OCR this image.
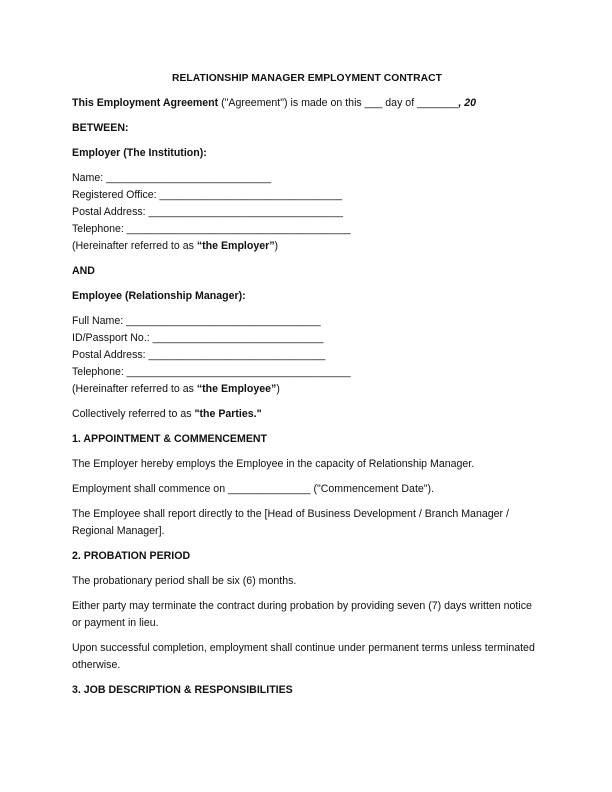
RELATIONSHIP MANAGER EMPLOYMENT CONTRACT

This Employment Agreement ("Agreement") is made on this ___ day of _______, 20

BETWEEN:

Employer (The Institution):

Name: ____________________________
Registered Office: _______________________________
Postal Address: _________________________________
Telephone: ______________________________________
(Hereinafter referred to as “the Employer”)

AND

Employee (Relationship Manager):

Full Name: _________________________________
ID/Passport No.: _____________________________
Postal Address: ______________________________
Telephone: ______________________________________
(Hereinafter referred to as “the Employee”)

Collectively referred to as "the Parties."

1. APPOINTMENT & COMMENCEMENT

The Employer hereby employs the Employee in the capacity of Relationship Manager.

Employment shall commence on ______________ ("Commencement Date").

The Employee shall report directly to the [Head of Business Development / Branch Manager / Regional Manager].

2. PROBATION PERIOD

The probationary period shall be six (6) months.

Either party may terminate the contract during probation by providing seven (7) days written notice or payment in lieu.

Upon successful completion, employment shall continue under permanent terms unless terminated otherwise.

3. JOB DESCRIPTION & RESPONSIBILITIES
